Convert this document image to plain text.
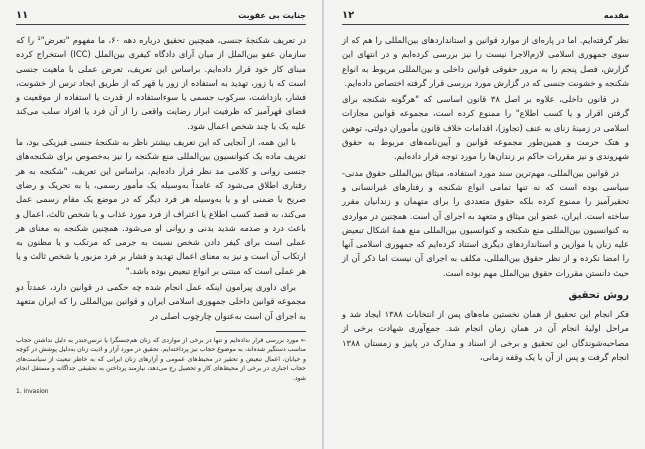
جنایت بی عقوبت
۱۱

در تعریف شکنجهٔ جنسی، همچنین تحقیق درباره دهه ۶۰، ما مفهوم "تعرض"¹ را که سازمان عفو بین‌الملل از میان آرای دادگاه کیفری بین‌الملل (ICC) استخراج کرده مبنای کار خود قرار داده‌ایم. براساس این تعریف، تعرض عملی با ماهیت جنسی است که با زور، تهدید به استفاده از زور یا قهر که از طریق ایجاد ترس از خشونت، فشار، بازداشت، سرکوب جسمی یا سوءاستفاده از قدرت یا استفاده از موقعیت و فضای قهرآمیز که ظرفیت ابراز رضایت واقعی را از آن فرد یا افراد سلب می‌کند علیه یک یا چند شخص اعمال شود.

با این همه، از آنجایی که این تعریف بیشتر ناظر به شکنجهٔ جنسی فیزیکی بود، ما تعریف ماده یک کنوانسیون بین‌المللی منع شکنجه را نیز به‌خصوص برای شکنجه‌های جنسی روانی و کلامی مد نظر قرار داده‌ایم. براساس این تعریف، "شکنجه به هر رفتاری اطلاق می‌شود که عامداً به‌وسیله یک مأمور رسمی، یا به تحریک و رضای صریح یا ضمنی او و یا به‌وسیله هر فرد دیگر که در موضع یک مقام رسمی عمل می‌کند، به قصد کسب اطلاع یا اعتراف از فرد مورد عذاب و یا شخص ثالث، اعمال و باعث درد و صدمه شدید بدنی و روانی او می‌شود. همچنین شکنجه به معنای هر عملی است برای کیفر دادن شخص نسبت به جرمی که مرتکب و یا مظنون به ارتکاب آن است و نیز به معنای اعمال تهدید و فشار بر فرد مزبور یا شخص ثالث و یا هر عملی است که مبتنی بر انواع تبعیض بوده باشد."

برای داوری پیرامون اینکه عمل انجام شده چه حکمی در قوانین دارد، عمدتاً دو مجموعه قوانین داخلی جمهوری اسلامی ایران و قوانین بین‌المللی را که ایران متعهد به اجرای آن است به‌عنوان چارچوب اصلی در

← مورد بررسی قرار نداده‌ایم و تنها در برخی از مواردی که زنان هم‌جنسگرا یا ترنس‌جندر به دلیل نداشتن حجاب مناسب دستگیر شده‌اند، به موضوع حجاب نیز پرداخته‌ایم. تحقیق در مورد آزار و اذیت زنان به‌دلیل پوشش در کوچه و خیابان، اعمال تبعیض و تحقیر در محیط‌های عمومی و آزارهای زنان ایرانی که به خاطر تبعیت از سیاست‌های حجاب اجباری در برخی از محیط‌های کار و تحصیل رخ می‌دهد، نیازمند پرداختن به تحقیقی جداگانه و مستقل انجام شود.

1. invasion

مقدمه
۱۲

نظر گرفته‌ایم. اما در پاره‌ای از موارد قوانین و استانداردهای بین‌المللی را هم که از سوی جمهوری اسلامی لازم‌الاجرا نیست را نیز بررسی کرده‌ایم و در انتهای این گزارش، فصل پنجم را به مرور حقوقی قوانین داخلی و بین‌المللی مربوط به انواع شکنجه و خشونت جنسی که در گزارش مورد بررسی قرار گرفته اختصاص داده‌ایم.

در قانون داخلی، علاوه بر اصل ۳۸ قانون اساسی که "هرگونه شکنجه برای گرفتن اقرار و یا کسب اطلاع" را ممنوع کرده است، مجموعه قوانین مجازات اسلامی در زمینهٔ زنای به عنف (تجاوز)، اقدامات خلاف قانون مأموران دولتی، توهین و هتک حرمت و همین‌طور مجموعه قوانین و آیین‌نامه‌های مربوط به حقوق شهروندی و نیز مقررات حاکم بر زندان‌ها را مورد توجه قرار داده‌ایم.

در قوانین بین‌المللی، مهم‌ترین سند مورد استفاده، میثاق بین‌المللی حقوق مدنی-سیاسی بوده است که نه تنها تمامی انواع شکنجه و رفتارهای غیرانسانی و تحقیرآمیز را ممنوع کرده بلکه حقوق متعددی را برای متهمان و زندانیان مقرر ساخته است. ایران، عضو این میثاق و متعهد به اجرای آن است. همچنین در مواردی به کنوانسیون بین‌المللی منع شکنجه و کنوانسیون بین‌المللی منع همهٔ اشکال تبعیض علیه زنان یا موازین و استانداردهای دیگری استناد کرده‌ایم که جمهوری اسلامی آنها را امضا نکرده و از نظر حقوق بین‌المللی، مکلف به اجرای آن نیست اما ذکر آن از حیث دانستن مقررات حقوق بین‌الملل مهم بوده است.

روش تحقیق

فکر انجام این تحقیق از همان نخستین ماه‌های پس از انتخابات ۱۳۸۸ ایجاد شد و مراحل اولیهٔ انجام آن در همان زمان انجام شد. جمع‌آوری شهادت برخی از مصاحبه‌شوندگان این تحقیق و برخی از اسناد و مدارک در پاییز و زمستان ۱۳۸۸ انجام گرفت و پس از آن با یک وقفه زمانی،
